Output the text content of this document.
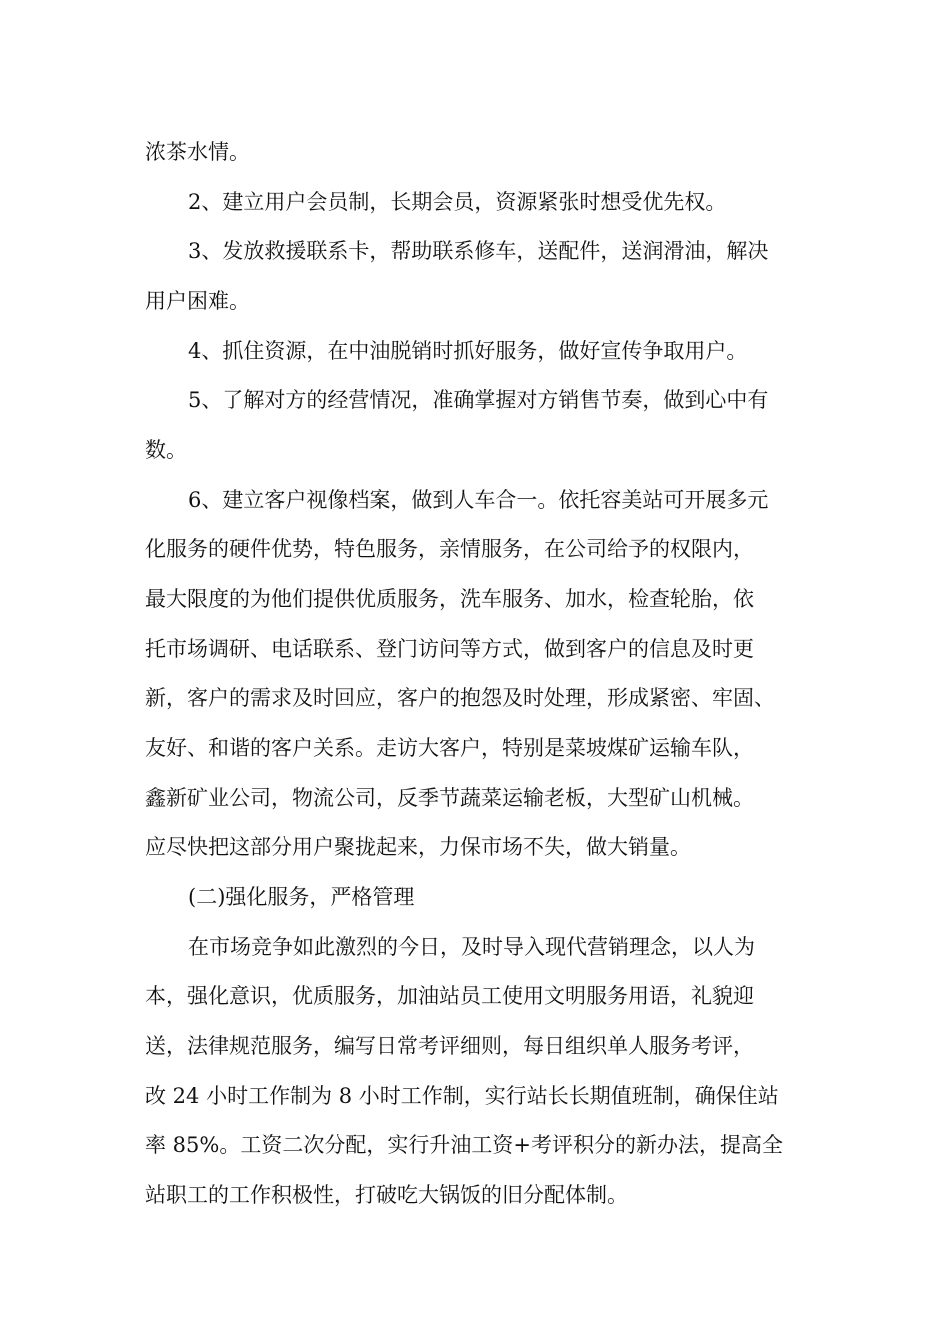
浓茶水情。
2、建立用户会员制，长期会员，资源紧张时想受优先权。
3、发放救援联系卡，帮助联系修车，送配件，送润滑油，解决
用户困难。
4、抓住资源，在中油脱销时抓好服务，做好宣传争取用户。
5、了解对方的经营情况，准确掌握对方销售节奏，做到心中有
数。
6、建立客户视像档案，做到人车合一。依托容美站可开展多元
化服务的硬件优势，特色服务，亲情服务，在公司给予的权限内，
最大限度的为他们提供优质服务，洗车服务、加水，检查轮胎，依
托市场调研、电话联系、登门访问等方式，做到客户的信息及时更
新，客户的需求及时回应，客户的抱怨及时处理，形成紧密、牢固、
友好、和谐的客户关系。走访大客户，特别是菜坡煤矿运输车队，
鑫新矿业公司，物流公司，反季节蔬菜运输老板，大型矿山机械。
应尽快把这部分用户聚拢起来，力保市场不失，做大销量。
(二)强化服务，严格管理
在市场竞争如此激烈的今日，及时导入现代营销理念，以人为
本，强化意识，优质服务，加油站员工使用文明服务用语，礼貌迎
送，法律规范服务，编写日常考评细则，每日组织单人服务考评，
改 24 小时工作制为 8 小时工作制，实行站长长期值班制，确保住站
率 85%。工资二次分配，实行升油工资+考评积分的新办法，提高全
站职工的工作积极性，打破吃大锅饭的旧分配体制。
